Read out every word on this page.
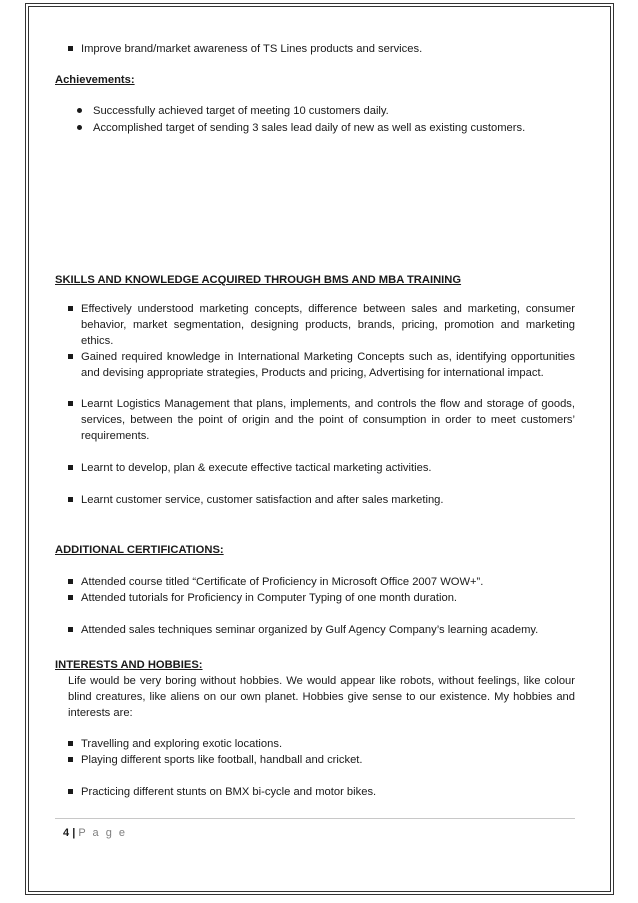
Improve brand/market awareness of TS Lines products and services.
Achievements:
Successfully achieved target of meeting 10 customers daily.
Accomplished target of sending 3 sales lead daily of new as well as existing customers.
SKILLS AND KNOWLEDGE ACQUIRED THROUGH BMS AND MBA TRAINING
Effectively understood marketing concepts, difference between sales and marketing, consumer behavior, market segmentation, designing products, brands, pricing, promotion and marketing ethics.
Gained required knowledge in International Marketing Concepts such as, identifying opportunities and devising appropriate strategies, Products and pricing, Advertising for international impact.
Learnt Logistics Management that plans, implements, and controls the flow and storage of goods, services, between the point of origin and the point of consumption in order to meet customers’ requirements.
Learnt to develop, plan & execute effective tactical marketing activities.
Learnt customer service, customer satisfaction and after sales marketing.
ADDITIONAL CERTIFICATIONS:
Attended course titled “Certificate of Proficiency in Microsoft Office 2007 WOW+”.
Attended tutorials for Proficiency in Computer Typing of one month duration.
Attended sales techniques seminar organized by Gulf Agency Company’s learning academy.
INTERESTS AND HOBBIES:
Life would be very boring without hobbies. We would appear like robots, without feelings, like colour blind creatures, like aliens on our own planet. Hobbies give sense to our existence. My hobbies and interests are:
Travelling and exploring exotic locations.
Playing different sports like football, handball and cricket.
Practicing different stunts on BMX bi-cycle and motor bikes.
4 | P a g e
